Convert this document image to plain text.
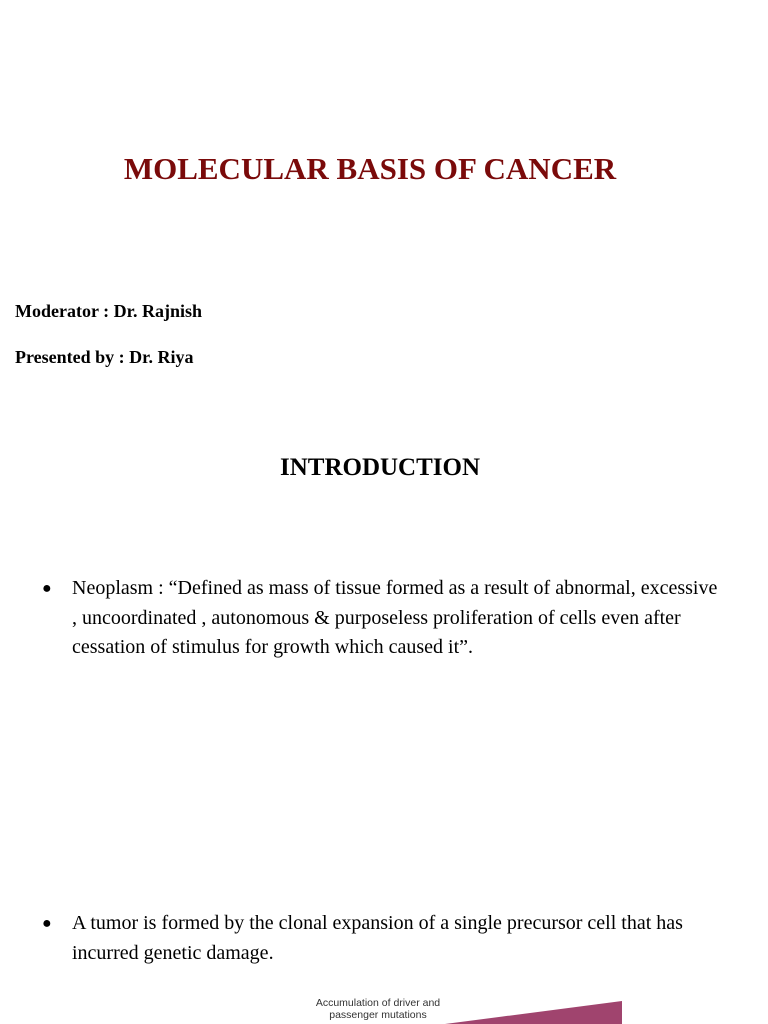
MOLECULAR BASIS OF CANCER

Moderator : Dr. Rajnish

Presented by : Dr. Riya

INTRODUCTION
●	Neoplasm : “Defined as mass of tissue formed as a result of abnormal, excessive , uncoordinated , autonomous & purposeless proliferation of cells even after cessation of stimulus for growth which caused it”.
●	A tumor is formed by the clonal expansion of a single precursor cell that has incurred genetic damage.
Accumulation of driver and
passenger mutations
